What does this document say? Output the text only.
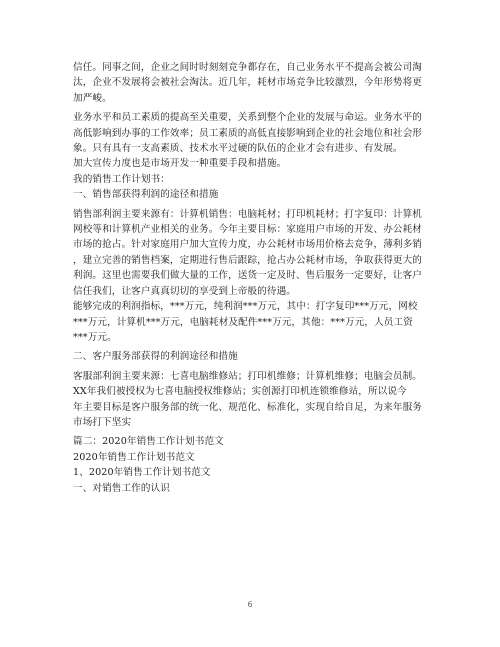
信任。同事之间，企业之间时时刻刻竞争都存在，自己业务水平不提高会被公司淘
汰，企业不发展将会被社会淘汰。近几年，耗材市场竞争比较激烈，今年形势将更
加严峻。
业务水平和员工素质的提高至关重要，关系到整个企业的发展与命运。业务水平的
高低影响到办事的工作效率；员工素质的高低直接影响到企业的社会地位和社会形
象。只有具有一支高素质、技术水平过硬的队伍的企业才会有进步、有发展。
加大宣传力度也是市场开发一种重要手段和措施。
我的销售工作计划书：
一、销售部获得利润的途径和措施
销售部利润主要来源有：计算机销售：电脑耗材；打印机耗材；打字复印：计算机
网校等和计算机产业相关的业务。今年主要目标：家庭用户市场的开发、办公耗材
市场的抢占。针对家庭用户加大宣传力度，办公耗材市场用价格去竞争，薄利多销
，建立完善的销售档案，定期进行售后跟踪，抢占办公耗材市场，争取获得更大的
利润。这里也需要我们做大量的工作，送货一定及时、售后服务一定要好，让客户
信任我们，让客户真真切切的享受到上帝般的待遇。
能够完成的利润指标，***万元，纯利润***万元，其中：打字复印***万元，网校
***万元，计算机***万元，电脑耗材及配件***万元，其他：***万元，人员工资
***万元。
二、客户服务部获得的利润途径和措施
客服部利润主要来源：七喜电脑维修站；打印机维修；计算机维修；电脑会员制。
XX年我们被授权为七喜电脑授权维修站；实创源打印机连锁维修站，所以说今
年主要目标是客户服务部的统一化、规范化、标准化，实现自给自足，为来年服务
市场打下坚实
篇二：2020年销售工作计划书范文
2020年销售工作计划书范文
1、2020年销售工作计划书范文
一、对销售工作的认识
6
